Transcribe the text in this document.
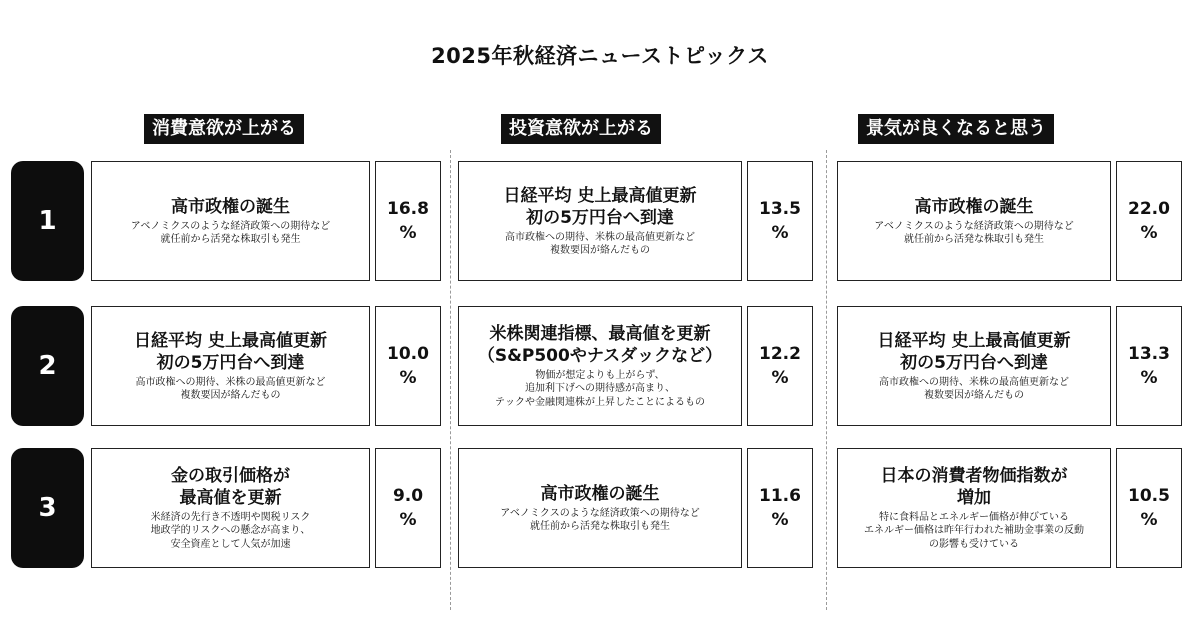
2025年秋経済ニューストピックス
消費意欲が上がる	投資意欲が上がる	景気が良くなると思う
1
2
3
高市政権の誕生
アベノミクスのような経済政策への期待など
就任前から活発な株取引も発生
16.8
%
日経平均 史上最高値更新
初の5万円台へ到達
高市政権への期待、米株の最高値更新など
複数要因が絡んだもの
10.0
%
金の取引価格が
最高値を更新
米経済の先行き不透明や関税リスク
地政学的リスクへの懸念が高まり、
安全資産として人気が加速
9.0
%
日経平均 史上最高値更新
初の5万円台へ到達
高市政権への期待、米株の最高値更新など
複数要因が絡んだもの
13.5
%
米株関連指標、最高値を更新
（S&P500やナスダックなど）
物価が想定よりも上がらず、
追加利下げへの期待感が高まり、
テックや金融関連株が上昇したことによるもの
12.2
%
高市政権の誕生
アベノミクスのような経済政策への期待など
就任前から活発な株取引も発生
11.6
%
高市政権の誕生
アベノミクスのような経済政策への期待など
就任前から活発な株取引も発生
22.0
%
日経平均 史上最高値更新
初の5万円台へ到達
高市政権への期待、米株の最高値更新など
複数要因が絡んだもの
13.3
%
日本の消費者物価指数が
増加
特に食料品とエネルギー価格が伸びている
エネルギー価格は昨年行われた補助金事業の反動
の影響も受けている
10.5
%
